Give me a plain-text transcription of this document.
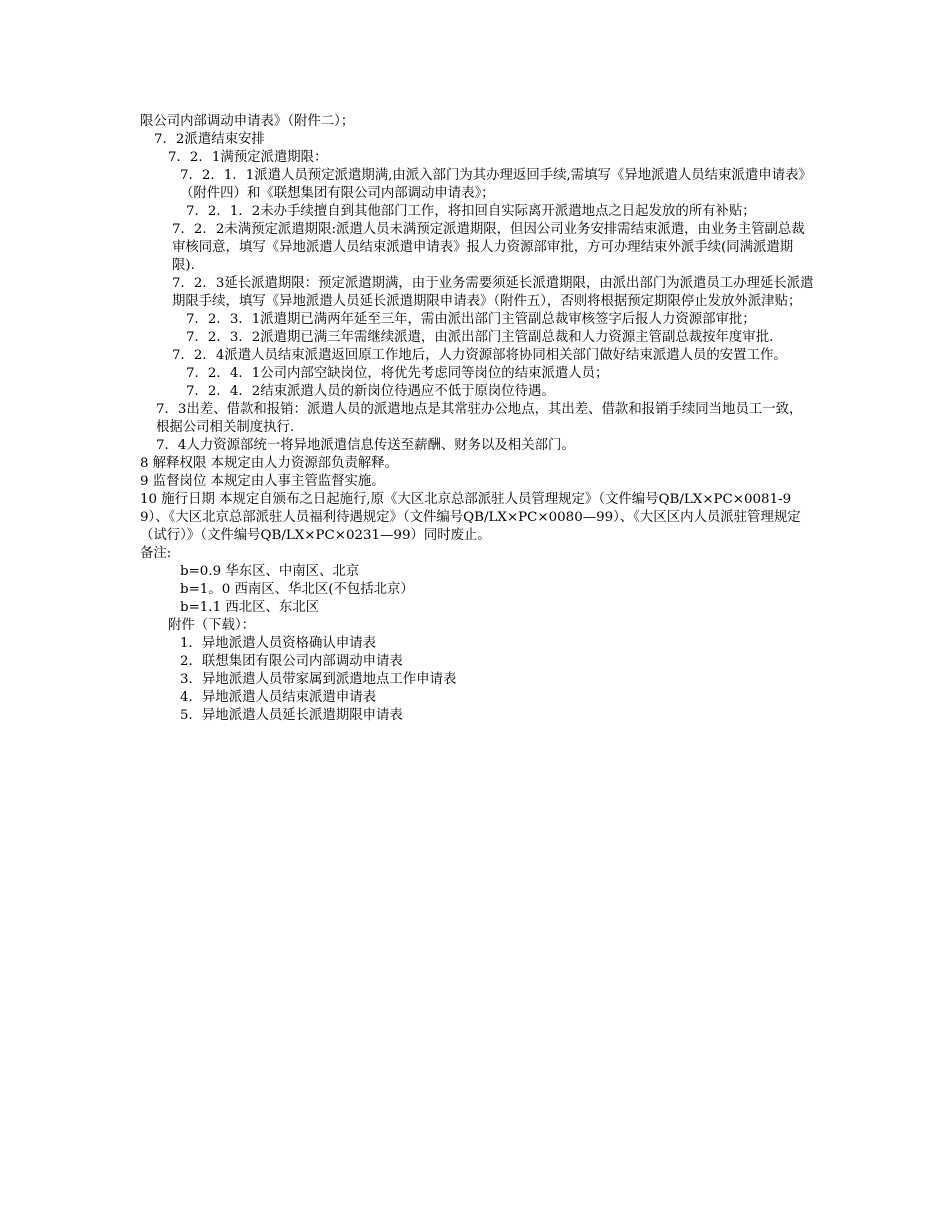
限公司内部调动申请表》（附件二）；
7．2派遣结束安排
7．2．1满预定派遣期限：
7．2．1．1派遣人员预定派遣期满,由派入部门为其办理返回手续,需填写《异地派遣人员结束派遣申请表》（附件四）和《联想集团有限公司内部调动申请表》；
7．2．1．2未办手续擅自到其他部门工作，将扣回自实际离开派遣地点之日起发放的所有补贴；
7．2．2未满预定派遣期限:派遣人员未满预定派遣期限，但因公司业务安排需结束派遣，由业务主管副总裁审核同意，填写《异地派遣人员结束派遣申请表》报人力资源部审批，方可办理结束外派手续(同满派遣期限).
7．2．3延长派遣期限：预定派遣期满，由于业务需要须延长派遣期限，由派出部门为派遣员工办理延长派遣期限手续，填写《异地派遣人员延长派遣期限申请表》（附件五），否则将根据预定期限停止发放外派津贴；
7．2．3．1派遣期已满两年延至三年，需由派出部门主管副总裁审核签字后报人力资源部审批；
7．2．3．2派遣期已满三年需继续派遣，由派出部门主管副总裁和人力资源主管副总裁按年度审批.
7．2．4派遣人员结束派遣返回原工作地后，人力资源部将协同相关部门做好结束派遣人员的安置工作。
7．2．4．1公司内部空缺岗位，将优先考虑同等岗位的结束派遣人员；
7．2．4．2结束派遣人员的新岗位待遇应不低于原岗位待遇。
7．3出差、借款和报销：派遣人员的派遣地点是其常驻办公地点，其出差、借款和报销手续同当地员工一致，根据公司相关制度执行.
7．4人力资源部统一将异地派遣信息传送至薪酬、财务以及相关部门。
8 解释权限 本规定由人力资源部负责解释。
9 监督岗位 本规定由人事主管监督实施。
10 施行日期 本规定自颁布之日起施行,原《大区北京总部派驻人员管理规定》（文件编号QB/LX×PC×0081-99）、《大区北京总部派驻人员福利待遇规定》（文件编号QB/LX×PC×0080—99）、《大区区内人员派驻管理规定（试行）》（文件编号QB/LX×PC×0231—99）同时废止。
备注:
b=0.9 华东区、中南区、北京
b=1。0 西南区、华北区(不包括北京）
b=1.1 西北区、东北区
附件（下载）：
1．异地派遣人员资格确认申请表
2．联想集团有限公司内部调动申请表
3．异地派遣人员带家属到派遣地点工作申请表
4．异地派遣人员结束派遣申请表
5．异地派遣人员延长派遣期限申请表
